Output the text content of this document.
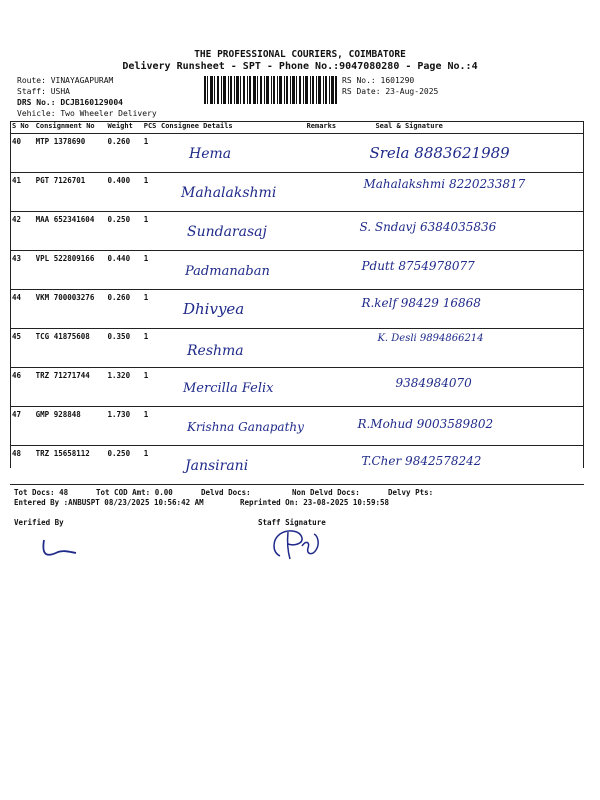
THE PROFESSIONAL COURIERS, COIMBATORE
Delivery Runsheet - SPT - Phone No.:9047080280 - Page No.:4
Route: VINAYAGAPURAM
Staff: USHA
DRS No.: DCJB160129004
Vehicle: Two Wheeler Delivery
RS No.: 1601290
RS Date: 23-Aug-2025
S No	Consignment No	Weight	PCS	Consignee Details	Remarks	Seal & Signature

40	MTP 1378690	0.260	1	Hema		Srela 8883621989

41	PGT 7126701	0.400	1	Mahalakshmi		Mahalakshmi 8220233817

42	MAA 652341604	0.250	1	Sundarasaj		S. Sndavj 6384035836

43	VPL 522809166	0.440	1	Padmanaban		Pdutt 8754978077

44	VKM 700003276	0.260	1	Dhivyea		R.kelf 98429 16868

45	TCG 41875608	0.350	1	Reshma		K. Desli 9894866214

46	TRZ 71271744	1.320	1	Mercilla Felix		9384984070

47	GMP 928848	1.730	1	Krishna Ganapathy		R.Mohud 9003589802

48	TRZ 15658112	0.250	1	Jansirani		T.Cher 9842578242
Tot Docs: 48	Tot COD Amt: 0.00	Delvd Docs:	Non Delvd Docs:	Delvy Pts:
Entered By :ANBUSPT 08/23/2025 10:56:42 AM	Reprinted On: 23-08-2025 10:59:58
Verified By	Staff Signature
